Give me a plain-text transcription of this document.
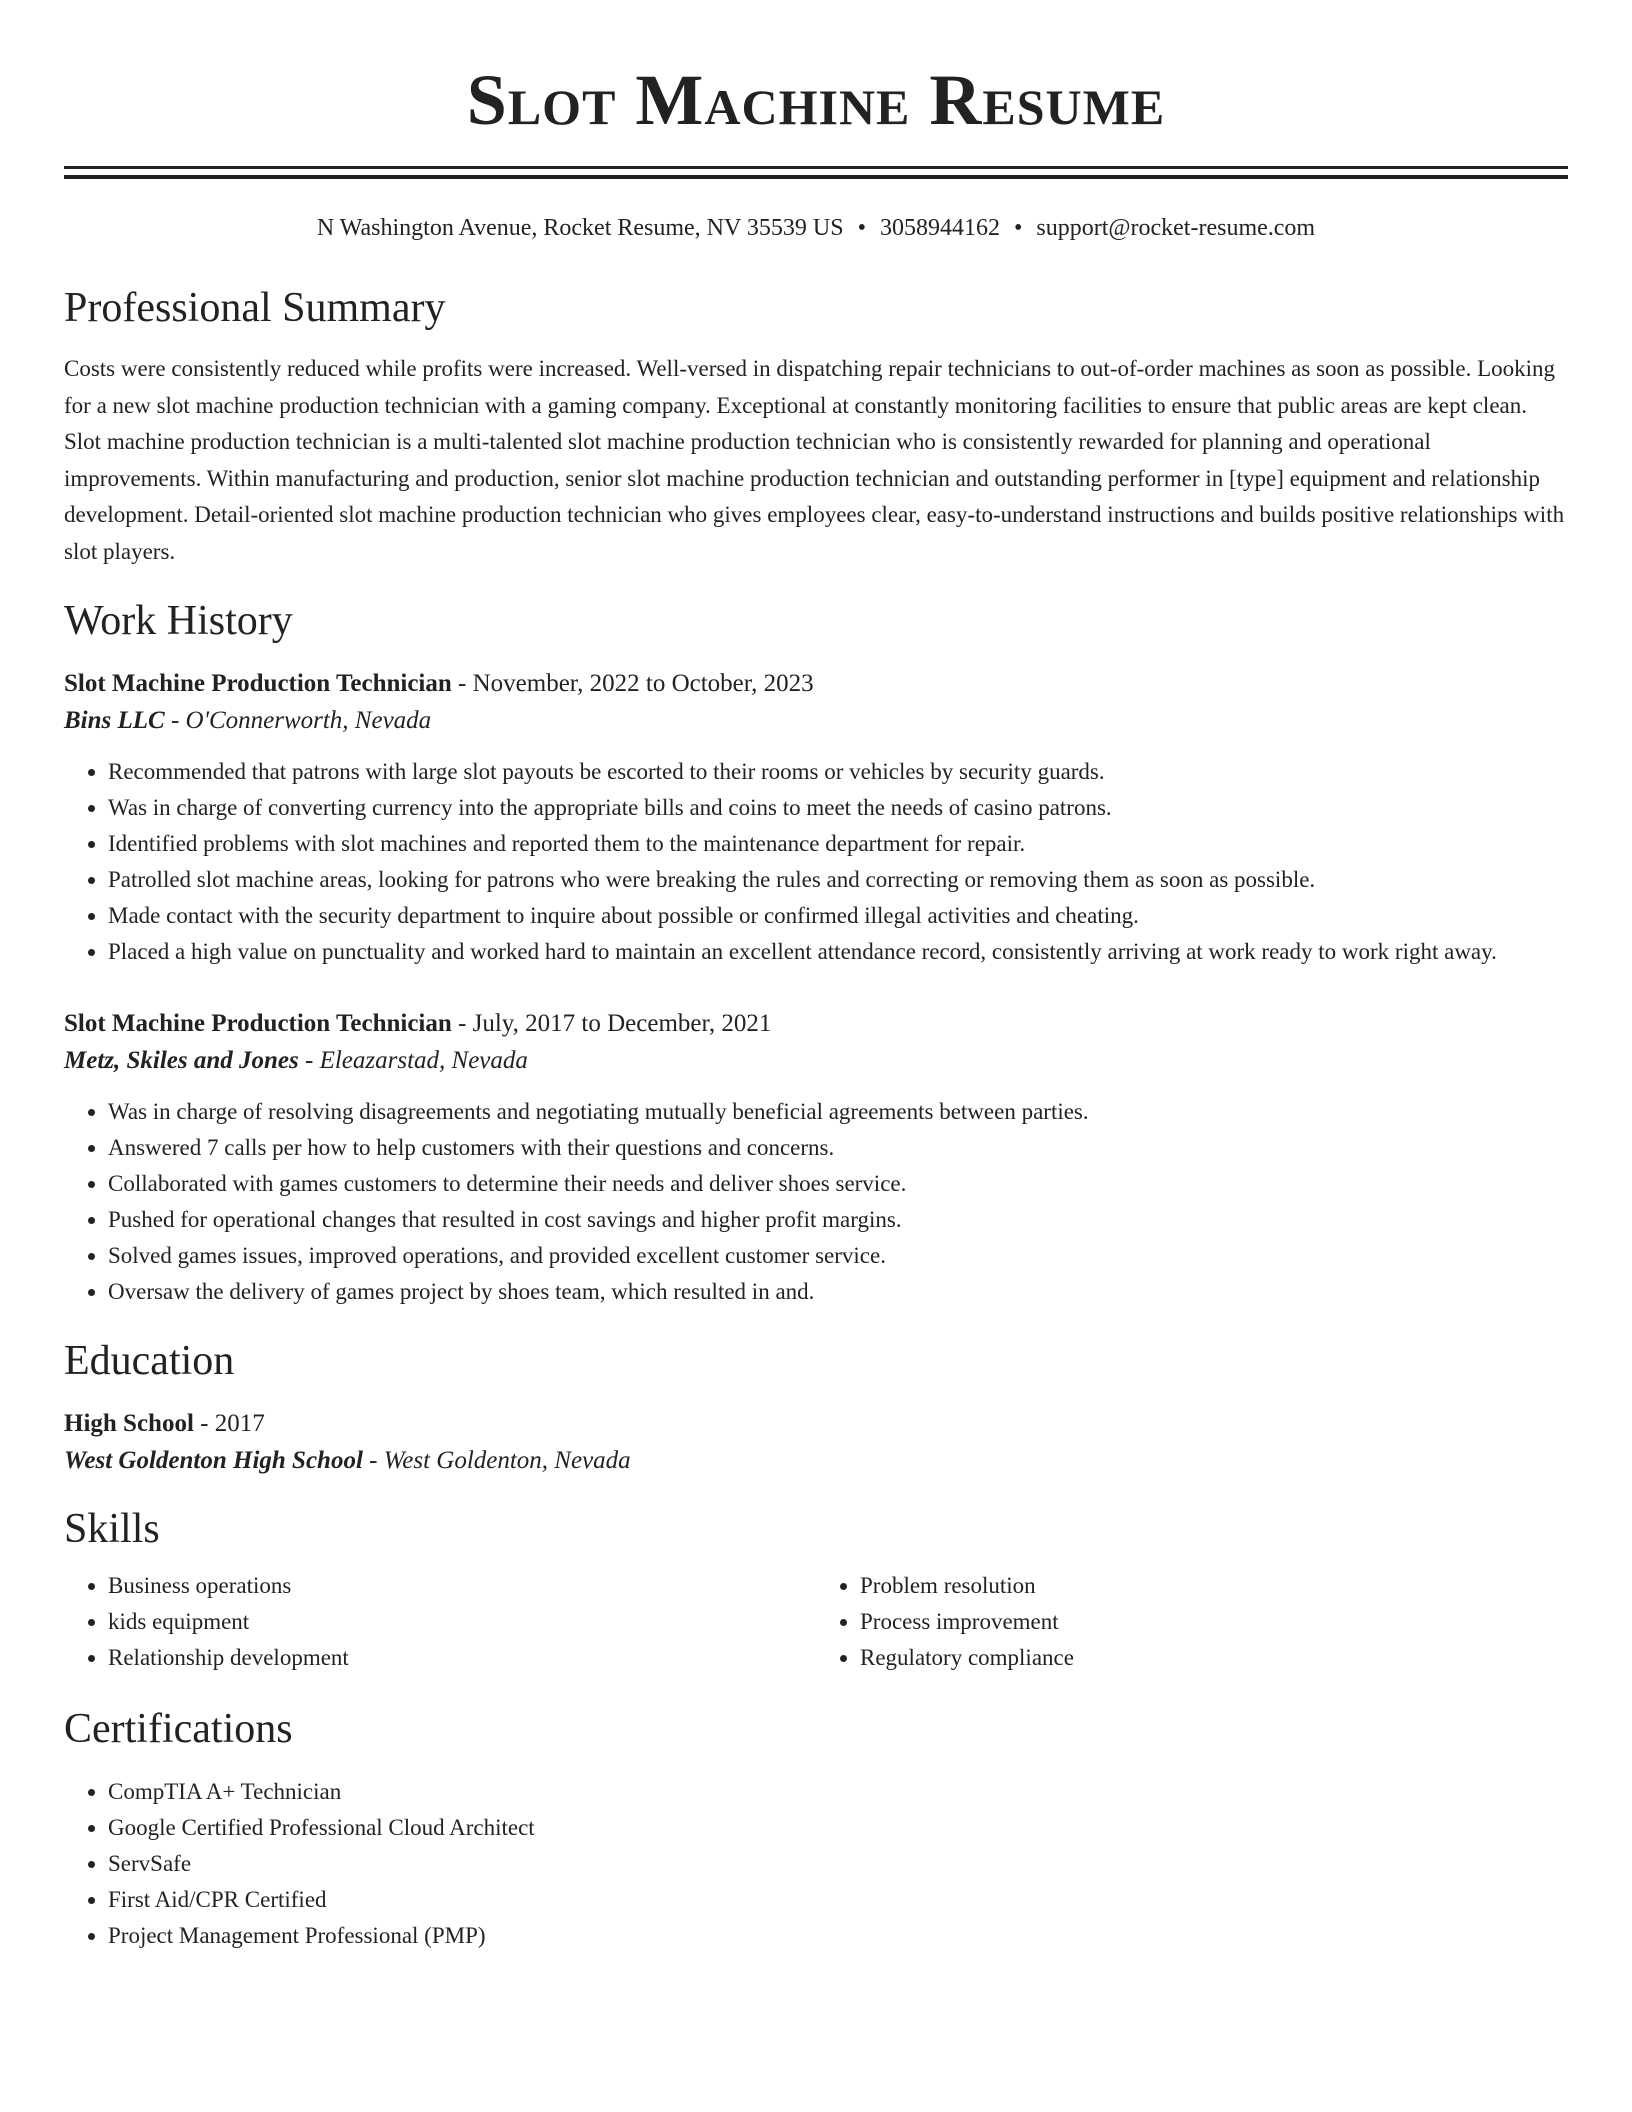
Slot Machine Resume
N Washington Avenue, Rocket Resume, NV 35539 US • 3058944162 • support@rocket-resume.com
Professional Summary

Costs were consistently reduced while profits were increased. Well-versed in dispatching repair technicians to out-of-order machines as soon as possible. Looking for a new slot machine production technician with a gaming company. Exceptional at constantly monitoring facilities to ensure that public areas are kept clean. Slot machine production technician is a multi-talented slot machine production technician who is consistently rewarded for planning and operational improvements. Within manufacturing and production, senior slot machine production technician and outstanding performer in [type] equipment and relationship development. Detail-oriented slot machine production technician who gives employees clear, easy-to-understand instructions and builds positive relationships with slot players.

Work History

Slot Machine Production Technician - November, 2022 to October, 2023

Bins LLC - O'Connerworth, Nevada

• Recommended that patrons with large slot payouts be escorted to their rooms or vehicles by security guards.
• Was in charge of converting currency into the appropriate bills and coins to meet the needs of casino patrons.
• Identified problems with slot machines and reported them to the maintenance department for repair.
• Patrolled slot machine areas, looking for patrons who were breaking the rules and correcting or removing them as soon as possible.
• Made contact with the security department to inquire about possible or confirmed illegal activities and cheating.
• Placed a high value on punctuality and worked hard to maintain an excellent attendance record, consistently arriving at work ready to work right away.

Slot Machine Production Technician - July, 2017 to December, 2021

Metz, Skiles and Jones - Eleazarstad, Nevada

• Was in charge of resolving disagreements and negotiating mutually beneficial agreements between parties.
• Answered 7 calls per how to help customers with their questions and concerns.
• Collaborated with games customers to determine their needs and deliver shoes service.
• Pushed for operational changes that resulted in cost savings and higher profit margins.
• Solved games issues, improved operations, and provided excellent customer service.
• Oversaw the delivery of games project by shoes team, which resulted in and.
Education

High School - 2017

West Goldenton High School - West Goldenton, Nevada

Skills
• Business operations
• kids equipment
• Relationship development
• Problem resolution
• Process improvement
• Regulatory compliance
Certifications
• CompTIA A+ Technician
• Google Certified Professional Cloud Architect
• ServSafe
• First Aid/CPR Certified
• Project Management Professional (PMP)
